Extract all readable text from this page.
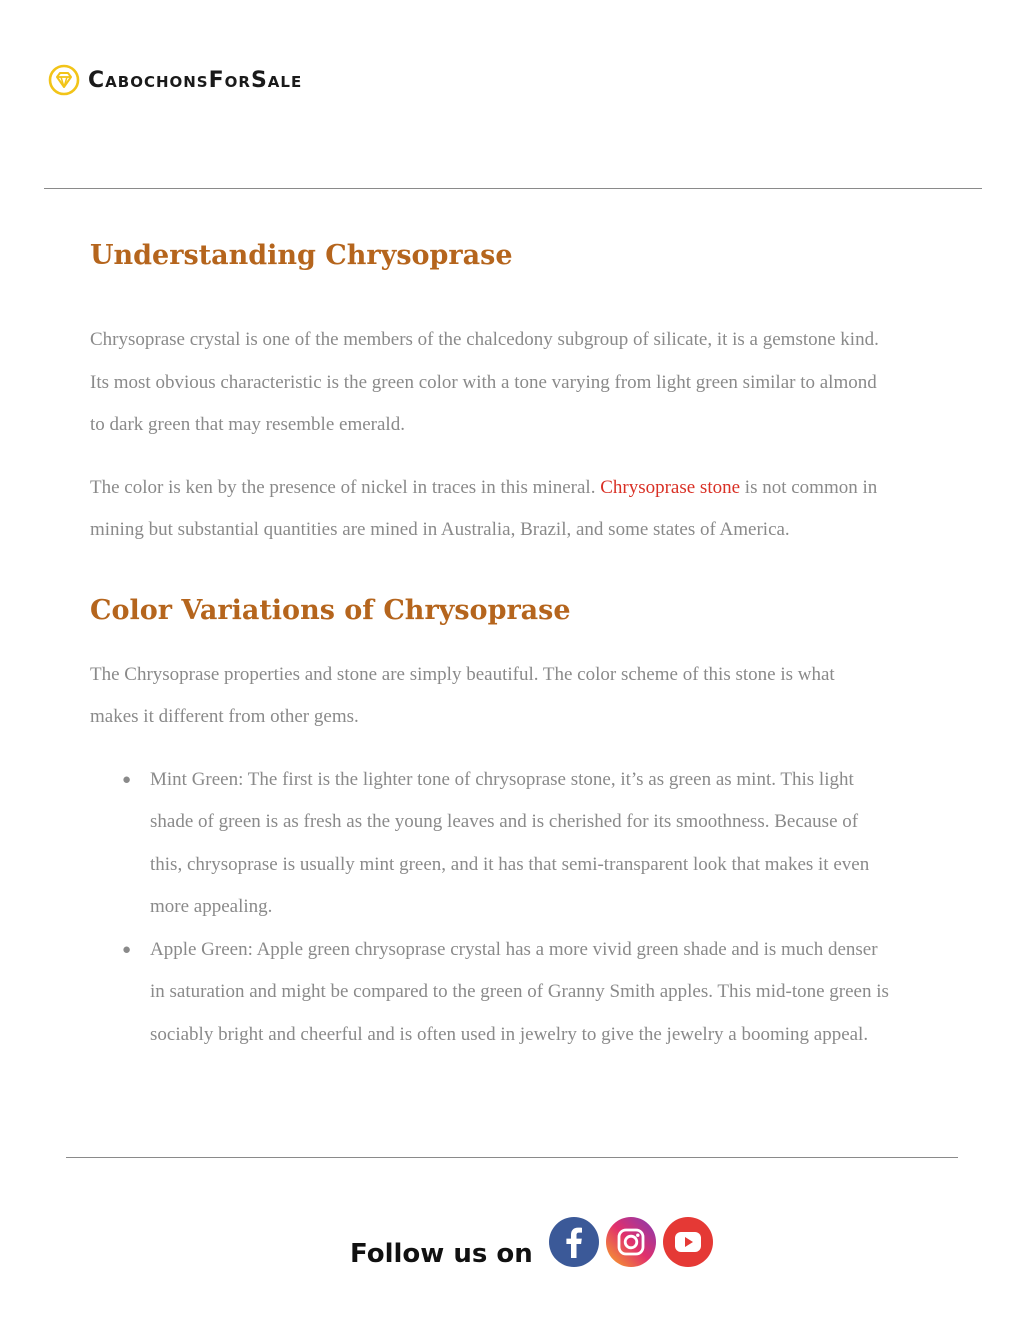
CabochonsForSale
Understanding Chrysoprase

Chrysoprase crystal is one of the members of the chalcedony subgroup of silicate, it is a gemstone kind.
Its most obvious characteristic is the green color with a tone varying from light green similar to almond
to dark green that may resemble emerald.

The color is ken by the presence of nickel in traces in this mineral. Chrysoprase stone is not common in
mining but substantial quantities are mined in Australia, Brazil, and some states of America.

Color Variations of Chrysoprase

The Chrysoprase properties and stone are simply beautiful. The color scheme of this stone is what
makes it different from other gems.

● Mint Green: The first is the lighter tone of chrysoprase stone, it’s as green as mint. This light
shade of green is as fresh as the young leaves and is cherished for its smoothness. Because of
this, chrysoprase is usually mint green, and it has that semi-transparent look that makes it even
more appealing.
● Apple Green: Apple green chrysoprase crystal has a more vivid green shade and is much denser
in saturation and might be compared to the green of Granny Smith apples. This mid-tone green is
sociably bright and cheerful and is often used in jewelry to give the jewelry a booming appeal.
Follow us on
